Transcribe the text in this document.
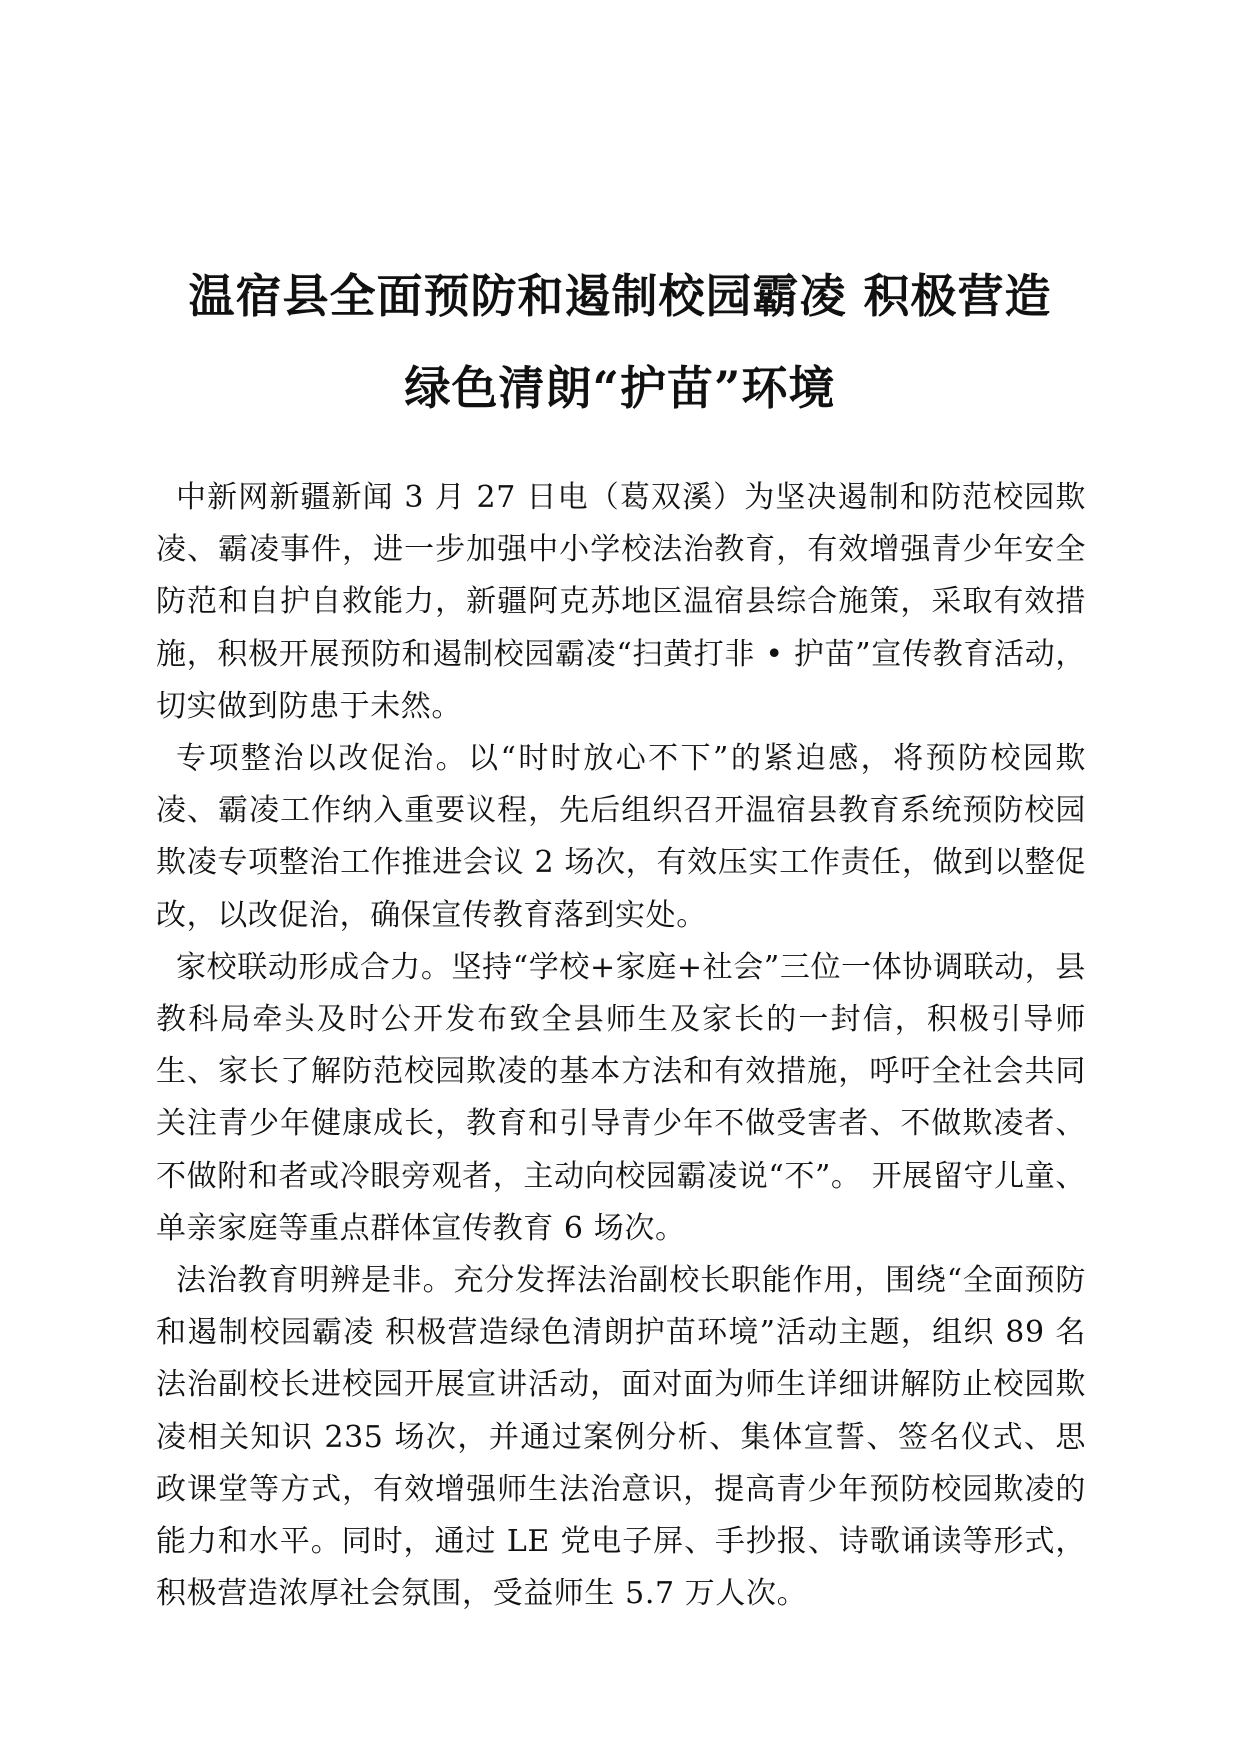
温宿县全面预防和遏制校园霸凌 积极营造
绿色清朗“护苗”环境

中新网新疆新闻 3 月 27 日电（葛双溪）为坚决遏制和防范校园欺凌、霸凌事件，进一步加强中小学校法治教育，有效增强青少年安全防范和自护自救能力，新疆阿克苏地区温宿县综合施策，采取有效措施，积极开展预防和遏制校园霸凌“扫黄打非 • 护苗”宣传教育活动，切实做到防患于未然。

专项整治以改促治。以“时时放心不下”的紧迫感，将预防校园欺凌、霸凌工作纳入重要议程，先后组织召开温宿县教育系统预防校园欺凌专项整治工作推进会议 2 场次，有效压实工作责任，做到以整促改，以改促治，确保宣传教育落到实处。

家校联动形成合力。坚持“学校+家庭+社会”三位一体协调联动，县教科局牵头及时公开发布致全县师生及家长的一封信，积极引导师生、家长了解防范校园欺凌的基本方法和有效措施，呼吁全社会共同关注青少年健康成长，教育和引导青少年不做受害者、不做欺凌者、不做附和者或冷眼旁观者，主动向校园霸凌说“不”。 开展留守儿童、单亲家庭等重点群体宣传教育 6 场次。

法治教育明辨是非。充分发挥法治副校长职能作用，围绕“全面预防和遏制校园霸凌 积极营造绿色清朗护苗环境”活动主题，组织 89 名法治副校长进校园开展宣讲活动，面对面为师生详细讲解防止校园欺凌相关知识 235 场次，并通过案例分析、集体宣誓、签名仪式、思政课堂等方式，有效增强师生法治意识，提高青少年预防校园欺凌的能力和水平。同时，通过 LE 党电子屏、手抄报、诗歌诵读等形式，积极营造浓厚社会氛围，受益师生 5.7 万人次。
